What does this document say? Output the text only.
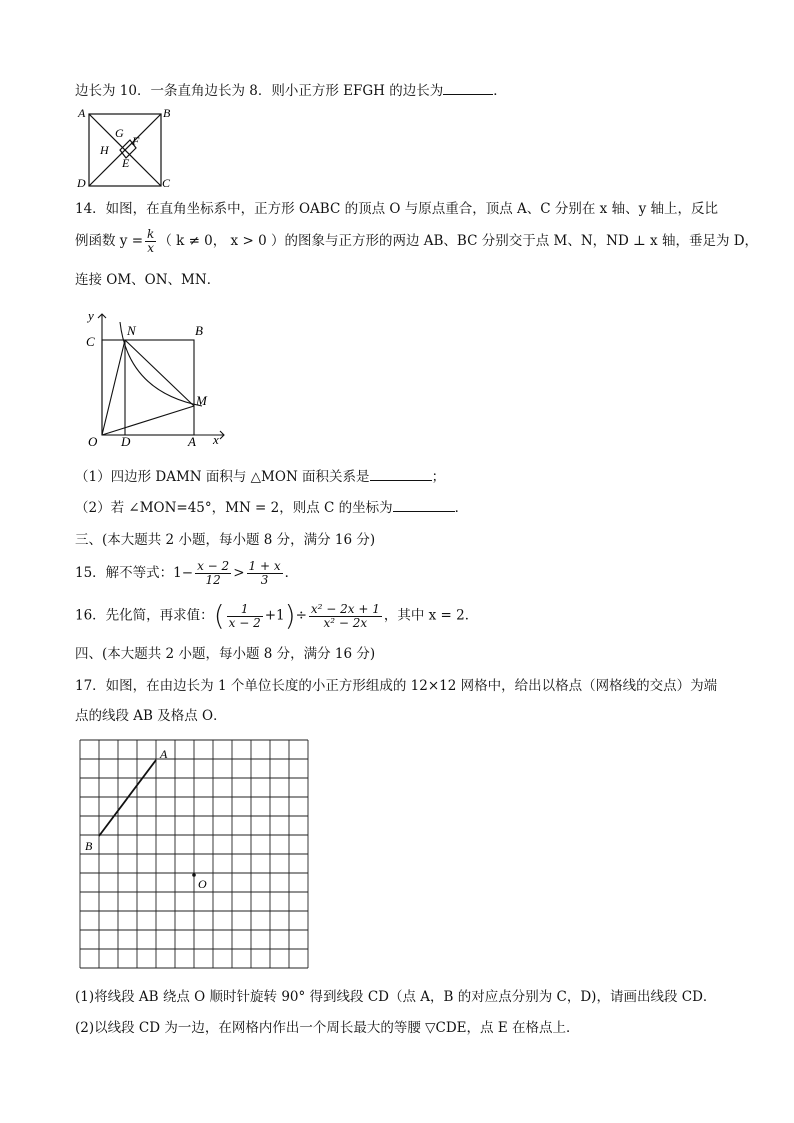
边长为 10．一条直角边长为 8．则小正方形 EFGH 的边长为	．
A	B
C
D
E
F
G
H
14．如图，在直角坐标系中，正方形 OABC 的顶点 O 与原点重合，顶点 A、C 分别在 x 轴、y 轴上，反比
例函数 $y = \frac{k}{x}$ （ k ≠ 0， x > 0 ）的图象与正方形的两边 AB、BC 分别交于点 M、N，ND ⊥ x 轴，垂足为 D，
连接 OM、ON、MN．
y
x
C
N	B
M
O D	A
（1）四边形 DAMN 面积与 △MON 面积关系是	；
（2）若 ∠MON=45°，MN = 2，则点 C 的坐标为	．
三、(本大题共 2 小题，每小题 8 分，满分 16 分)
15．解不等式：$1- \frac{x - 2}{12} > \frac{1 + x}{3}$ ．
16．先化简，再求值：( $\frac{1}{x - 2} +1)\div \frac{\text{x² − 2x + 1}}{\text{x² − 2x}}$ ，其中 x = 2．
四、(本大题共 2 小题，每小题 8 分，满分 16 分)
17．如图，在由边长为 1 个单位长度的小正方形组成的 12×12 网格中，给出以格点（网格线的交点）为端
点的线段 AB 及格点 O．
A
B
O
(1)将线段 AB 绕点 O 顺时针旋转 90° 得到线段 CD（点 A，B 的对应点分别为 C，D)，请画出线段 CD．
(2)以线段 CD 为一边，在网格内作出一个周长最大的等腰 ▽CDE，点 E 在格点上．
